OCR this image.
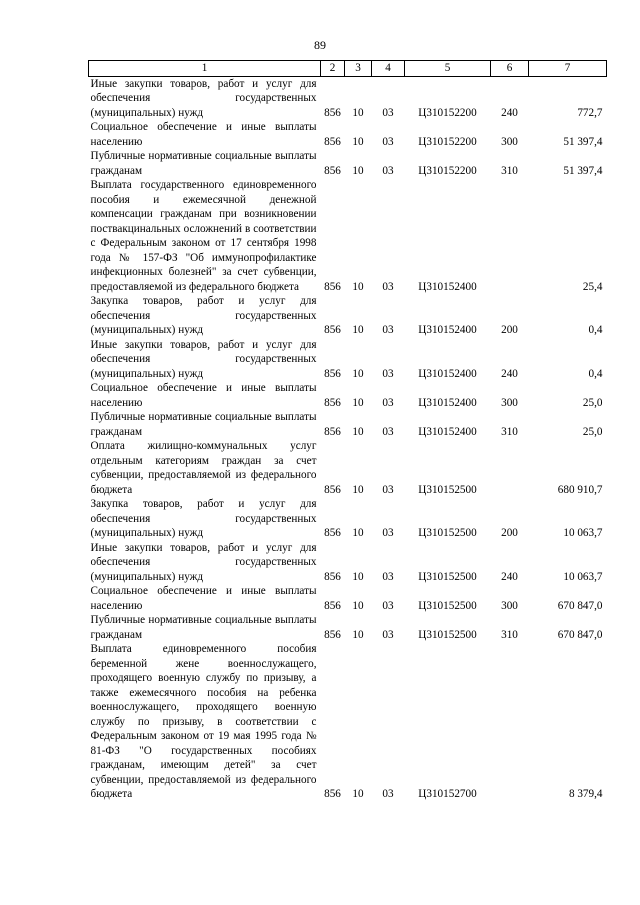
89
1	2	3	4	5	6	7

Иные закупки товаров, работ и услуг для обеспечения государственных (муниципальных) нужд	856	10	03	Ц310152200	240	772,7

Социальное обеспечение и иные выплаты населению	856	10	03	Ц310152200	300	51 397,4

Публичные нормативные социальные выплаты гражданам	856	10	03	Ц310152200	310	51 397,4

Выплата государственного единовременного пособия и ежемесячной денежной компенсации гражданам при возникновении поствакцинальных осложнений в соответствии с Федеральным законом от 17 сентября 1998 года № 157-ФЗ "Об иммунопрофилактике инфекционных болезней" за счет субвенции, предоставляемой из федерального бюджета	856	10	03	Ц310152400		25,4

Закупка товаров, работ и услуг для обеспечения государственных (муниципальных) нужд	856	10	03	Ц310152400	200	0,4

Иные закупки товаров, работ и услуг для обеспечения государственных (муниципальных) нужд	856	10	03	Ц310152400	240	0,4

Социальное обеспечение и иные выплаты населению	856	10	03	Ц310152400	300	25,0

Публичные нормативные социальные выплаты гражданам	856	10	03	Ц310152400	310	25,0

Оплата жилищно-коммунальных услуг отдельным категориям граждан за счет субвенции, предоставляемой из федерального бюджета	856	10	03	Ц310152500		680 910,7

Закупка товаров, работ и услуг для обеспечения государственных (муниципальных) нужд	856	10	03	Ц310152500	200	10 063,7

Иные закупки товаров, работ и услуг для обеспечения государственных (муниципальных) нужд	856	10	03	Ц310152500	240	10 063,7

Социальное обеспечение и иные выплаты населению	856	10	03	Ц310152500	300	670 847,0

Публичные нормативные социальные выплаты гражданам	856	10	03	Ц310152500	310	670 847,0

Выплата единовременного пособия беременной жене военнослужащего, проходящего военную службу по призыву, а также ежемесячного пособия на ребенка военнослужащего, проходящего военную службу по призыву, в соответствии с Федеральным законом от 19 мая 1995 года № 81-ФЗ "О государственных пособиях гражданам, имеющим детей" за счет субвенции, предоставляемой из федерального бюджета	856	10	03	Ц310152700		8 379,4
